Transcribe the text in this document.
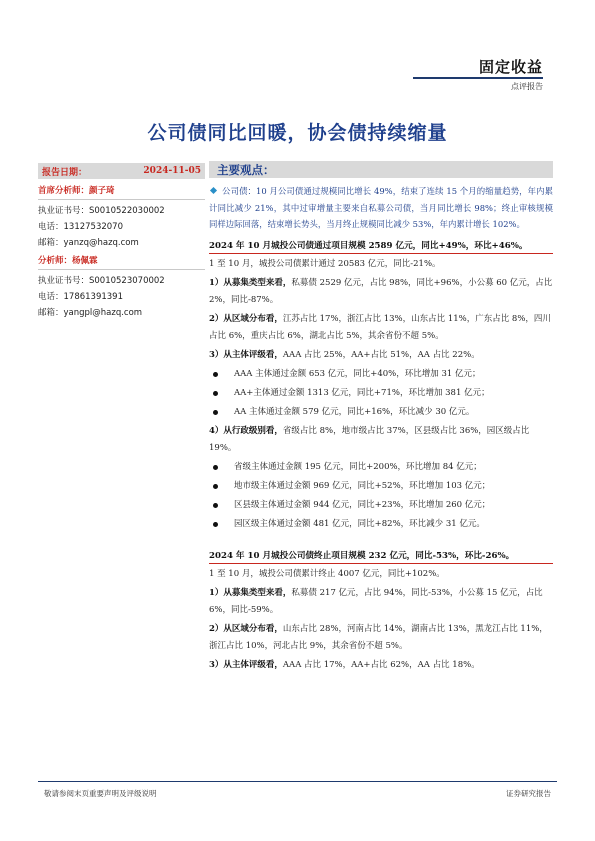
固定收益
点评报告
公司债同比回暖，协会债持续缩量
报告日期：	2024-11-05
首席分析师：颜子琦
执业证书号：S0010522030002
电话：13127532070
邮箱：yanzq@hazq.com
分析师：杨佩霖
执业证书号：S0010523070002
电话：17861391391
邮箱：yangpl@hazq.com
主要观点：
公司债：10 月公司债通过规模同比增长 49%，结束了连续 15 个月的缩量趋势，年内累计同比减少 21%，其中过审增量主要来自私募公司债，当月同比增长 98%；终止审核规模同样边际回落，结束增长势头，当月终止规模同比减少 53%，年内累计增长 102%。
2024 年 10 月城投公司债通过项目规模 2589 亿元，同比+49%，环比+46%。
1 至 10 月，城投公司债累计通过 20583 亿元，同比-21%。
1）从募集类型来看，私募债 2529 亿元，占比 98%，同比+96%，小公募 60 亿元，占比 2%，同比-87%。
2）从区域分布看，江苏占比 17%，浙江占比 13%，山东占比 11%，广东占比 8%，四川占比 6%，重庆占比 6%，湖北占比 5%，其余省份不超 5%。
3）从主体评级看，AAA 占比 25%，AA+占比 51%，AA 占比 22%。
AAA 主体通过金额 653 亿元，同比+40%，环比增加 31 亿元；
AA+主体通过金额 1313 亿元，同比+71%，环比增加 381 亿元；
AA 主体通过金额 579 亿元，同比+16%，环比减少 30 亿元。
4）从行政级别看，省级占比 8%，地市级占比 37%，区县级占比 36%，园区级占比 19%。
省级主体通过金额 195 亿元，同比+200%，环比增加 84 亿元；
地市级主体通过金额 969 亿元，同比+52%，环比增加 103 亿元；
区县级主体通过金额 944 亿元，同比+23%，环比增加 260 亿元；
园区级主体通过金额 481 亿元，同比+82%，环比减少 31 亿元。
2024 年 10 月城投公司债终止项目规模 232 亿元，同比-53%，环比-26%。
1 至 10 月，城投公司债累计终止 4007 亿元，同比+102%。
1）从募集类型来看，私募债 217 亿元，占比 94%，同比-53%，小公募 15 亿元，占比 6%，同比-59%。
2）从区域分布看，山东占比 28%，河南占比 14%，湖南占比 13%，黑龙江占比 11%，浙江占比 10%，河北占比 9%，其余省份不超 5%。
3）从主体评级看，AAA 占比 17%，AA+占比 62%，AA 占比 18%。
敬请参阅末页重要声明及评级说明	证券研究报告
